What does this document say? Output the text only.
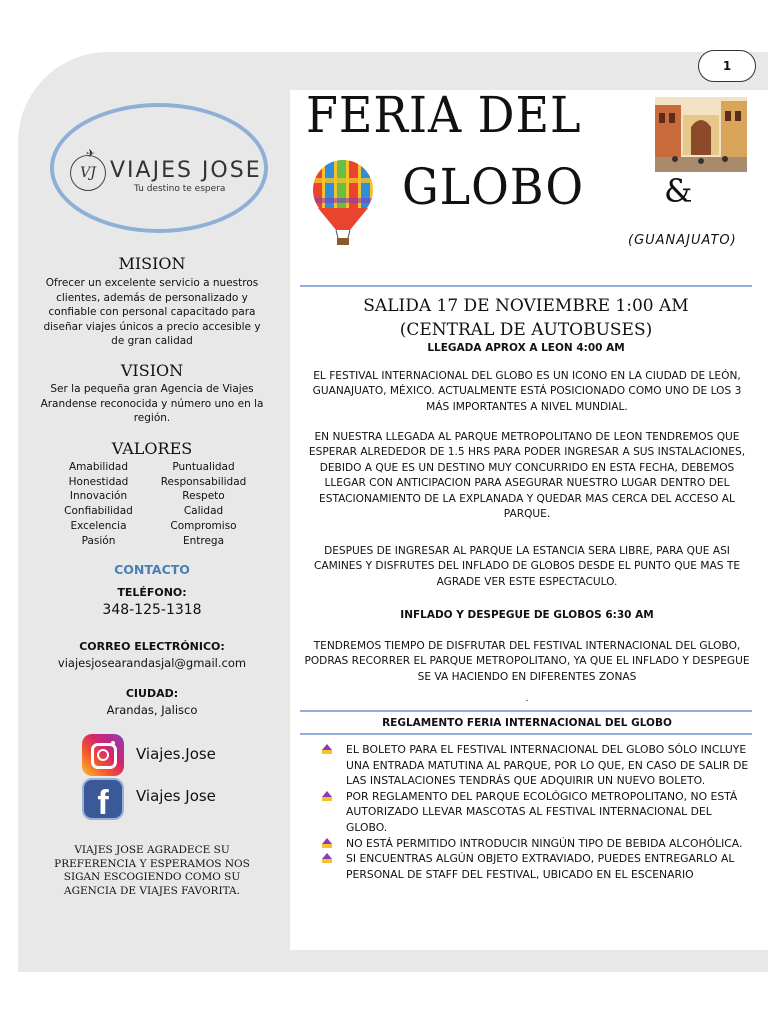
1
VJ
✈
VIAJES JOSE
Tu destino te espera
MISION
Ofrecer un excelente servicio a nuestros clientes, además de personalizado y confiable con personal capacitado para diseñar viajes únicos a precio accesible y de gran calidad
VISION
Ser la pequeña gran Agencia de Viajes Arandense reconocida y número uno en la región.
VALORES
Amabilidad	Puntualidad
Honestidad	Responsabilidad
Innovación	Respeto
Confiabilidad	Calidad
Excelencia	Compromiso
Pasión	Entrega
CONTACTO
TELÉFONO:
348-125-1318
CORREO ELECTRÓNICO:
viajesjosearandasjal@gmail.com
CIUDAD:
Arandas, Jalisco
Viajes.Jose
f	Viajes Jose
VIAJES JOSE AGRADECE SU PREFERENCIA Y ESPERAMOS NOS SIGAN ESCOGIENDO COMO SU AGENCIA DE VIAJES FAVORITA.
FERIA DEL
GLOBO	&
(GUANAJUATO)
SALIDA 17 DE NOVIEMBRE 1:00 AM
(CENTRAL DE AUTOBUSES)
LLEGADA APROX A LEON 4:00 AM
EL FESTIVAL INTERNACIONAL DEL GLOBO ES UN ICONO EN LA CIUDAD DE LEÓN, GUANAJUATO, MÉXICO. ACTUALMENTE ESTÁ POSICIONADO COMO UNO DE LOS 3 MÁS IMPORTANTES A NIVEL MUNDIAL.
EN NUESTRA LLEGADA AL PARQUE METROPOLITANO DE LEON TENDREMOS QUE ESPERAR ALREDEDOR DE 1.5 HRS PARA PODER INGRESAR A SUS INSTALACIONES, DEBIDO A QUE ES UN DESTINO MUY CONCURRIDO EN ESTA FECHA, DEBEMOS LLEGAR CON ANTICIPACION PARA ASEGURAR NUESTRO LUGAR DENTRO DEL ESTACIONAMIENTO DE LA EXPLANADA Y QUEDAR MAS CERCA DEL ACCESO AL PARQUE.
DESPUES DE INGRESAR AL PARQUE LA ESTANCIA SERA LIBRE, PARA QUE ASI CAMINES Y DISFRUTES DEL INFLADO DE GLOBOS DESDE EL PUNTO QUE MAS TE AGRADE VER ESTE ESPECTACULO.
INFLADO Y DESPEGUE DE GLOBOS 6:30 AM
TENDREMOS TIEMPO DE DISFRUTAR DEL FESTIVAL INTERNACIONAL DEL GLOBO, PODRAS RECORRER EL PARQUE METROPOLITANO, YA QUE EL INFLADO Y DESPEGUE SE VA HACIENDO EN DIFERENTES ZONAS
.
REGLAMENTO FERIA INTERNACIONAL DEL GLOBO
EL BOLETO PARA EL FESTIVAL INTERNACIONAL DEL GLOBO SÓLO INCLUYE UNA ENTRADA MATUTINA AL PARQUE, POR LO QUE, EN CASO DE SALIR DE LAS INSTALACIONES TENDRÁS QUE ADQUIRIR UN NUEVO BOLETO.
POR REGLAMENTO DEL PARQUE ECOLÓGICO METROPOLITANO, NO ESTÁ AUTORIZADO LLEVAR MASCOTAS AL FESTIVAL INTERNACIONAL DEL GLOBO.
NO ESTÁ PERMITIDO INTRODUCIR NINGÚN TIPO DE BEBIDA ALCOHÓLICA.
SI ENCUENTRAS ALGÚN OBJETO EXTRAVIADO, PUEDES ENTREGARLO AL PERSONAL DE STAFF DEL FESTIVAL, UBICADO EN EL ESCENARIO
